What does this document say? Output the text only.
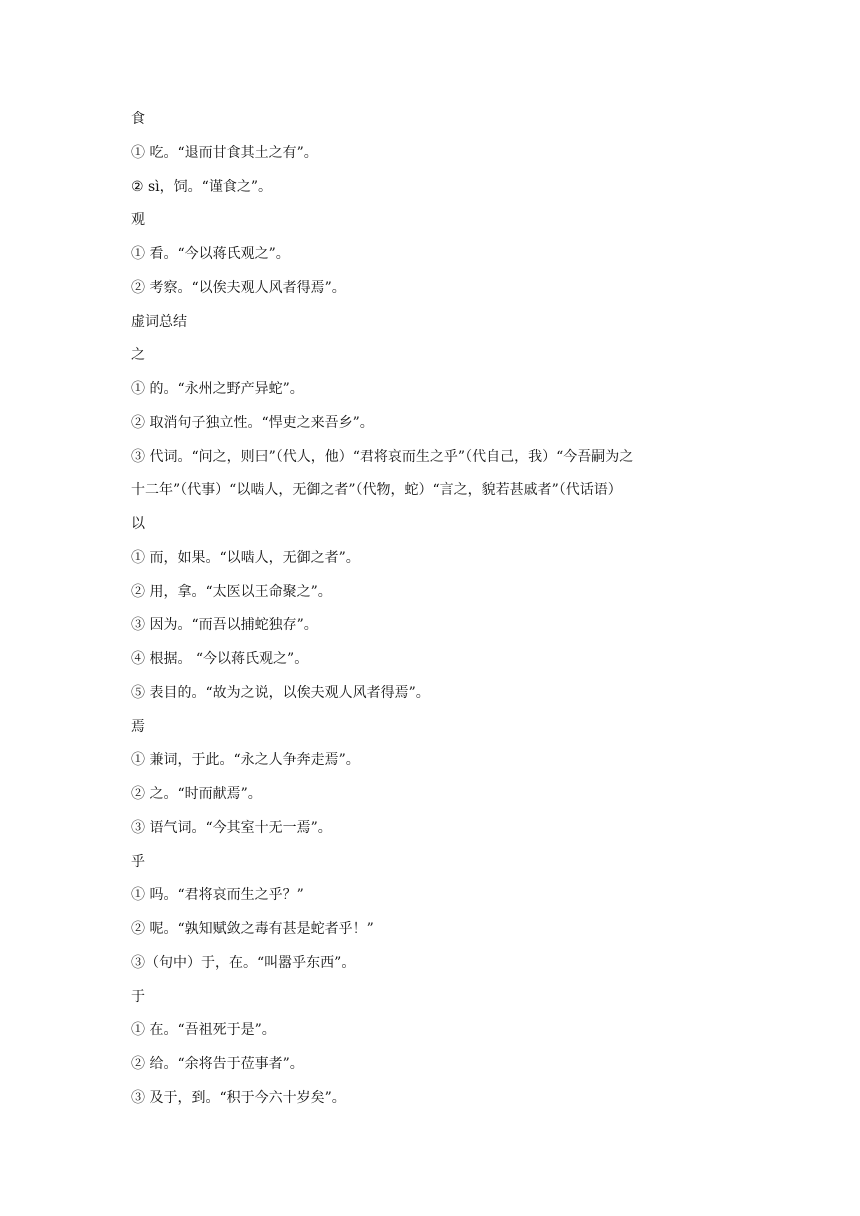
食
① 吃。“退而甘食其土之有”。
② sì，饲。“谨食之”。
观
① 看。“今以蒋氏观之”。
② 考察。“以俟夫观人风者得焉”。
虚词总结
之
① 的。“永州之野产异蛇”。
② 取消句子独立性。“悍吏之来吾乡”。
③ 代词。“问之，则曰”（代人，他）“君将哀而生之乎”（代自己，我）“今吾嗣为之
十二年”（代事）“以啮人，无御之者”（代物，蛇）“言之，貌若甚戚者”（代话语）
以
① 而，如果。“以啮人，无御之者”。
② 用，拿。“太医以王命聚之”。
③ 因为。“而吾以捕蛇独存”。
④ 根据。 “今以蒋氏观之”。
⑤ 表目的。“故为之说，以俟夫观人风者得焉”。
焉
① 兼词，于此。“永之人争奔走焉”。
② 之。“时而献焉”。
③ 语气词。“今其室十无一焉”。
乎
① 吗。“君将哀而生之乎？”
② 呢。“孰知赋敛之毒有甚是蛇者乎！”
③（句中）于，在。“叫嚣乎东西”。
于
① 在。“吾祖死于是”。
② 给。“余将告于莅事者”。
③ 及于，到。“积于今六十岁矣”。
